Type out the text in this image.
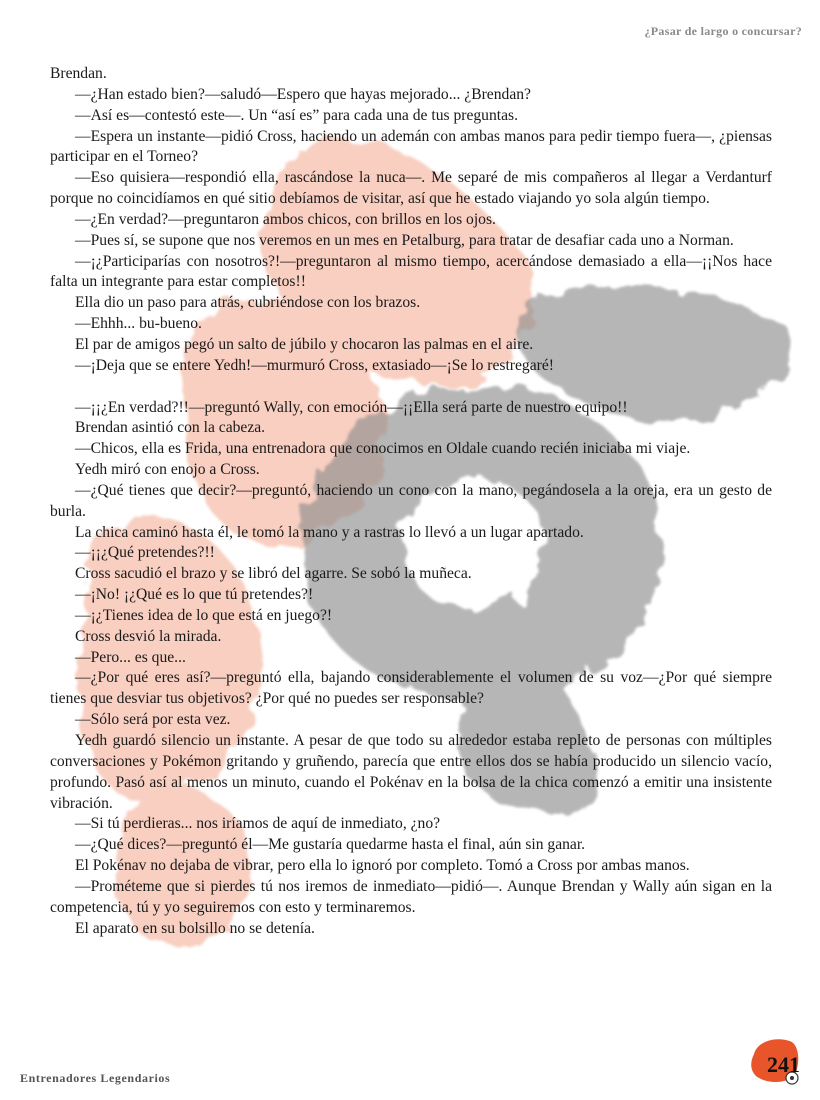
¿Pasar de largo o concursar?

Brendan.

—¿Han estado bien?—saludó—Espero que hayas mejorado... ¿Brendan?

—Así es—contestó este—. Un “así es” para cada una de tus preguntas.

—Espera un instante—pidió Cross, haciendo un ademán con ambas manos para pedir tiempo fuera—, ¿piensas participar en el Torneo?

—Eso quisiera—respondió ella, rascándose la nuca—. Me separé de mis compañeros al llegar a Verdanturf porque no coincidíamos en qué sitio debíamos de visitar, así que he estado viajando yo sola algún tiempo.

—¿En verdad?—preguntaron ambos chicos, con brillos en los ojos.

—Pues sí, se supone que nos veremos en un mes en Petalburg, para tratar de desafiar cada uno a Norman.

—¡¿Participarías con nosotros?!—preguntaron al mismo tiempo, acercándose demasiado a ella—¡¡Nos hace falta un integrante para estar completos!!

Ella dio un paso para atrás, cubriéndose con los brazos.

—Ehhh... bu-bueno.

El par de amigos pegó un salto de júbilo y chocaron las palmas en el aire.

—¡Deja que se entere Yedh!—murmuró Cross, extasiado—¡Se lo restregaré!

—¡¡¿En verdad?!!—preguntó Wally, con emoción—¡¡Ella será parte de nuestro equipo!!

Brendan asintió con la cabeza.

—Chicos, ella es Frida, una entrenadora que conocimos en Oldale cuando recién iniciaba mi viaje.

Yedh miró con enojo a Cross.

—¿Qué tienes que decir?—preguntó, haciendo un cono con la mano, pegándosela a la oreja, era un gesto de burla.

La chica caminó hasta él, le tomó la mano y a rastras lo llevó a un lugar apartado.

—¡¡¿Qué pretendes?!!

Cross sacudió el brazo y se libró del agarre. Se sobó la muñeca.

—¡No! ¡¿Qué es lo que tú pretendes?!

—¡¿Tienes idea de lo que está en juego?!

Cross desvió la mirada.

—Pero... es que...

—¿Por qué eres así?—preguntó ella, bajando considerablemente el volumen de su voz—¿Por qué siempre tienes que desviar tus objetivos? ¿Por qué no puedes ser responsable?

—Sólo será por esta vez.

Yedh guardó silencio un instante. A pesar de que todo su alrededor estaba repleto de personas con múltiples conversaciones y Pokémon gritando y gruñendo, parecía que entre ellos dos se había producido un silencio vacío, profundo. Pasó así al menos un minuto, cuando el Pokénav en la bolsa de la chica comenzó a emitir una insistente vibración.

—Si tú perdieras... nos iríamos de aquí de inmediato, ¿no?

—¿Qué dices?—preguntó él—Me gustaría quedarme hasta el final, aún sin ganar.

El Pokénav no dejaba de vibrar, pero ella lo ignoró por completo. Tomó a Cross por ambas manos.

—Prométeme que si pierdes tú nos iremos de inmediato—pidió—. Aunque Brendan y Wally aún sigan en la competencia, tú y yo seguiremos con esto y terminaremos.

El aparato en su bolsillo no se detenía.

Entrenadores Legendarios
241
